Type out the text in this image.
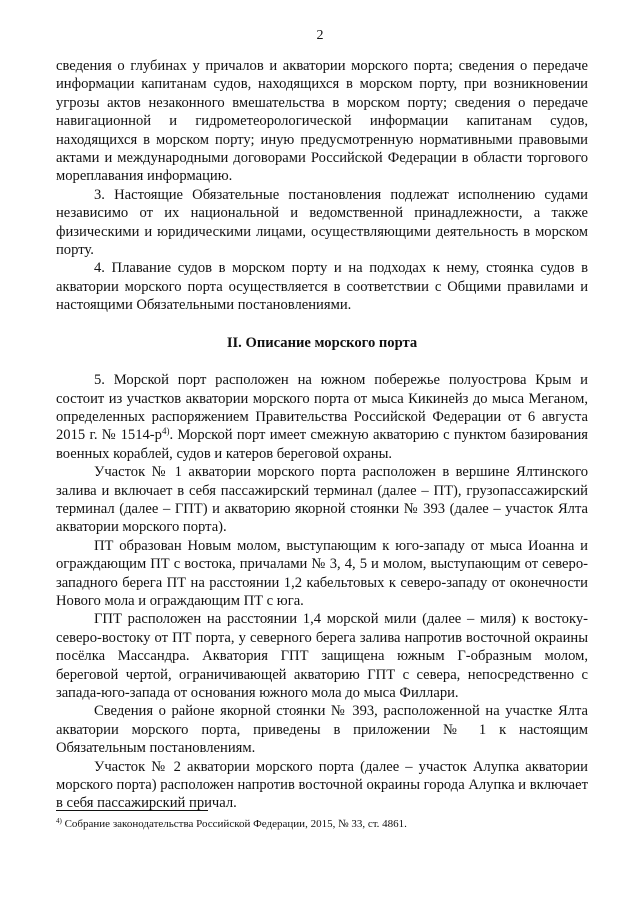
2

сведения о глубинах у причалов и акватории морского порта; сведения о передаче информации капитанам судов, находящихся в морском порту, при возникновении угрозы актов незаконного вмешательства в морском порту; сведения о передаче навигационной и гидрометеорологической информации капитанам судов, находящихся в морском порту; иную предусмотренную нормативными правовыми актами и международными договорами Российской Федерации в области торгового мореплавания информацию.

3. Настоящие Обязательные постановления подлежат исполнению судами независимо от их национальной и ведомственной принадлежности, а также физическими и юридическими лицами, осуществляющими деятельность в морском порту.

4. Плавание судов в морском порту и на подходах к нему, стоянка судов в акватории морского порта осуществляется в соответствии с Общими правилами и настоящими Обязательными постановлениями.

II. Описание морского порта

5. Морской порт расположен на южном побережье полуострова Крым и состоит из участков акватории морского порта от мыса Кикинейз до мыса Меганом, определенных распоряжением Правительства Российской Федерации от 6 августа 2015 г. № $1514-р^{4)}$. Морской порт имеет смежную акваторию с пунктом базирования военных кораблей, судов и катеров береговой охраны.

Участок № 1 акватории морского порта расположен в вершине Ялтинского залива и включает в себя пассажирский терминал (далее – ПТ), грузопассажирский терминал (далее – ГПТ) и акваторию якорной стоянки № 393 (далее – участок Ялта акватории морского порта).

ПТ образован Новым молом, выступающим к юго-западу от мыса Иоанна и ограждающим ПТ с востока, причалами № 3, 4, 5 и молом, выступающим от северо-западного берега ПТ на расстоянии 1,2 кабельтовых к северо-западу от оконечности Нового мола и ограждающим ПТ с юга.

ГПТ расположен на расстоянии 1,4 морской мили (далее – миля) к востоку-северо-востоку от ПТ порта, у северного берега залива напротив восточной окраины посёлка Массандра. Акватория ГПТ защищена южным Г-образным молом, береговой чертой, ограничивающей акваторию ГПТ с севера, непосредственно с запада-юго-запада от основания южного мола до мыса Филлари.

Сведения о районе якорной стоянки № 393, расположенной на участке Ялта акватории морского порта, приведены в приложении № 1 к настоящим Обязательным постановлениям.

Участок № 2 акватории морского порта (далее – участок Алупка акватории морского порта) расположен напротив восточной окраины города Алупка и включает в себя пассажирский причал.

$^{4)}$ Собрание законодательства Российской Федерации, 2015, № 33, ст. 4861.
